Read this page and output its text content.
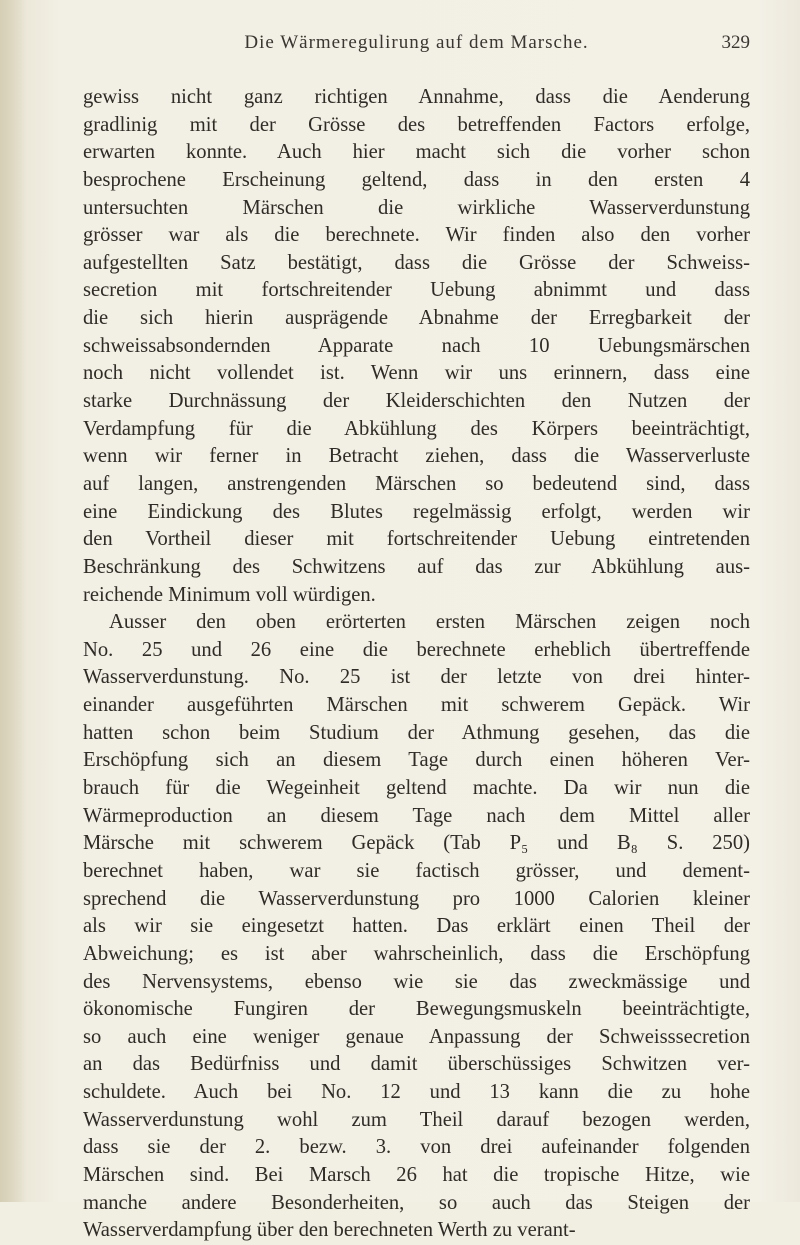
Die Wärmeregulirung auf dem Marsche.	329
gewiss nicht ganz richtigen Annahme, dass die Aenderung
gradlinig mit der Grösse des betreffenden Factors erfolge,
erwarten konnte. Auch hier macht sich die vorher schon
besprochene Erscheinung geltend, dass in den ersten 4
untersuchten Märschen die wirkliche Wasserverdunstung
grösser war als die berechnete. Wir finden also den vorher
aufgestellten Satz bestätigt, dass die Grösse der Schweiss-
secretion mit fortschreitender Uebung abnimmt und dass
die sich hierin ausprägende Abnahme der Erregbarkeit der
schweissabsondernden Apparate nach 10 Uebungsmärschen
noch nicht vollendet ist. Wenn wir uns erinnern, dass eine
starke Durchnässung der Kleiderschichten den Nutzen der
Verdampfung für die Abkühlung des Körpers beeinträchtigt,
wenn wir ferner in Betracht ziehen, dass die Wasserverluste
auf langen, anstrengenden Märschen so bedeutend sind, dass
eine Eindickung des Blutes regelmässig erfolgt, werden wir
den Vortheil dieser mit fortschreitender Uebung eintretenden
Beschränkung des Schwitzens auf das zur Abkühlung aus-
reichende Minimum voll würdigen.
Ausser den oben erörterten ersten Märschen zeigen noch
No. 25 und 26 eine die berechnete erheblich übertreffende
Wasserverdunstung. No. 25 ist der letzte von drei hinter-
einander ausgeführten Märschen mit schwerem Gepäck. Wir
hatten schon beim Studium der Athmung gesehen, das die
Erschöpfung sich an diesem Tage durch einen höheren Ver-
brauch für die Wegeinheit geltend machte. Da wir nun die
Wärmeproduction an diesem Tage nach dem Mittel aller
Märsche mit schwerem Gepäck (Tab P₅ und B₈ S. 250)
berechnet haben, war sie factisch grösser, und dement-
sprechend die Wasserverdunstung pro 1000 Calorien kleiner
als wir sie eingesetzt hatten. Das erklärt einen Theil der
Abweichung; es ist aber wahrscheinlich, dass die Erschöpfung
des Nervensystems, ebenso wie sie das zweckmässige und
ökonomische Fungiren der Bewegungsmuskeln beeinträchtigte,
so auch eine weniger genaue Anpassung der Schweisssecretion
an das Bedürfniss und damit überschüssiges Schwitzen ver-
schuldete. Auch bei No. 12 und 13 kann die zu hohe
Wasserverdunstung wohl zum Theil darauf bezogen werden,
dass sie der 2. bezw. 3. von drei aufeinander folgenden
Märschen sind. Bei Marsch 26 hat die tropische Hitze, wie
manche andere Besonderheiten, so auch das Steigen der
Wasserverdampfung über den berechneten Werth zu verant-
